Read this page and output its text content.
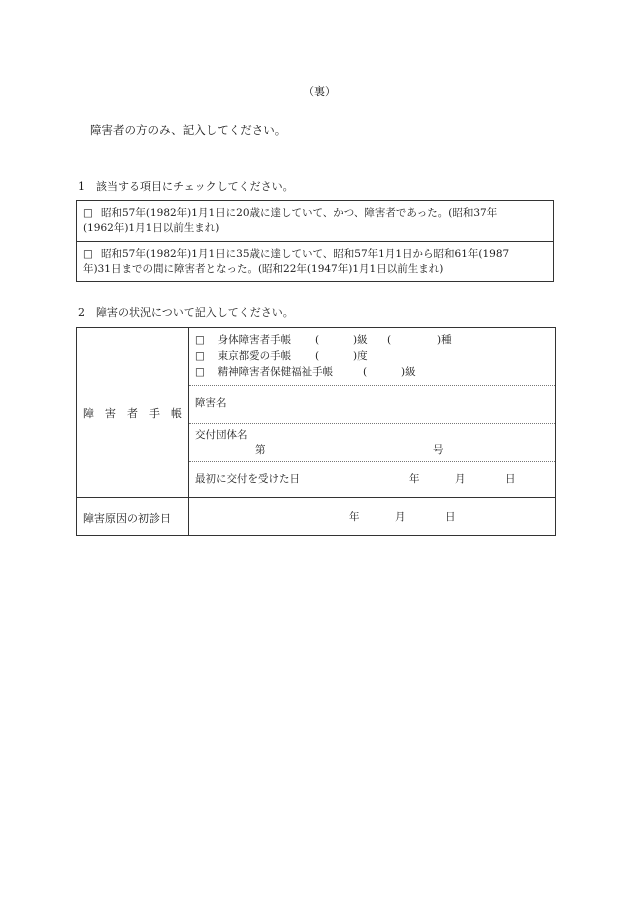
（裏）
障害者の方のみ、記入してください。
1　該当する項目にチェックしてください。
□ 昭和57年(1982年)1月1日に20歳に達していて、かつ、障害者であった。(昭和37年
(1962年)1月1日以前生まれ)
□ 昭和57年(1982年)1月1日に35歳に達していて、昭和57年1月1日から昭和61年(1987
年)31日までの間に障害者となった。(昭和22年(1947年)1月1日以前生まれ)
2　障害の状況について記入してください。
障　害　者　手　帳
□ 身体障害者手帳 (	)級 (	)種
□ 東京都愛の手帳 (	)度
□ 精神障害者保健福祉手帳	(	)級
障害名
交付団体名
第	号
最初に交付を受けた日	年	月	日
障害原因の初診日	年	月	日
